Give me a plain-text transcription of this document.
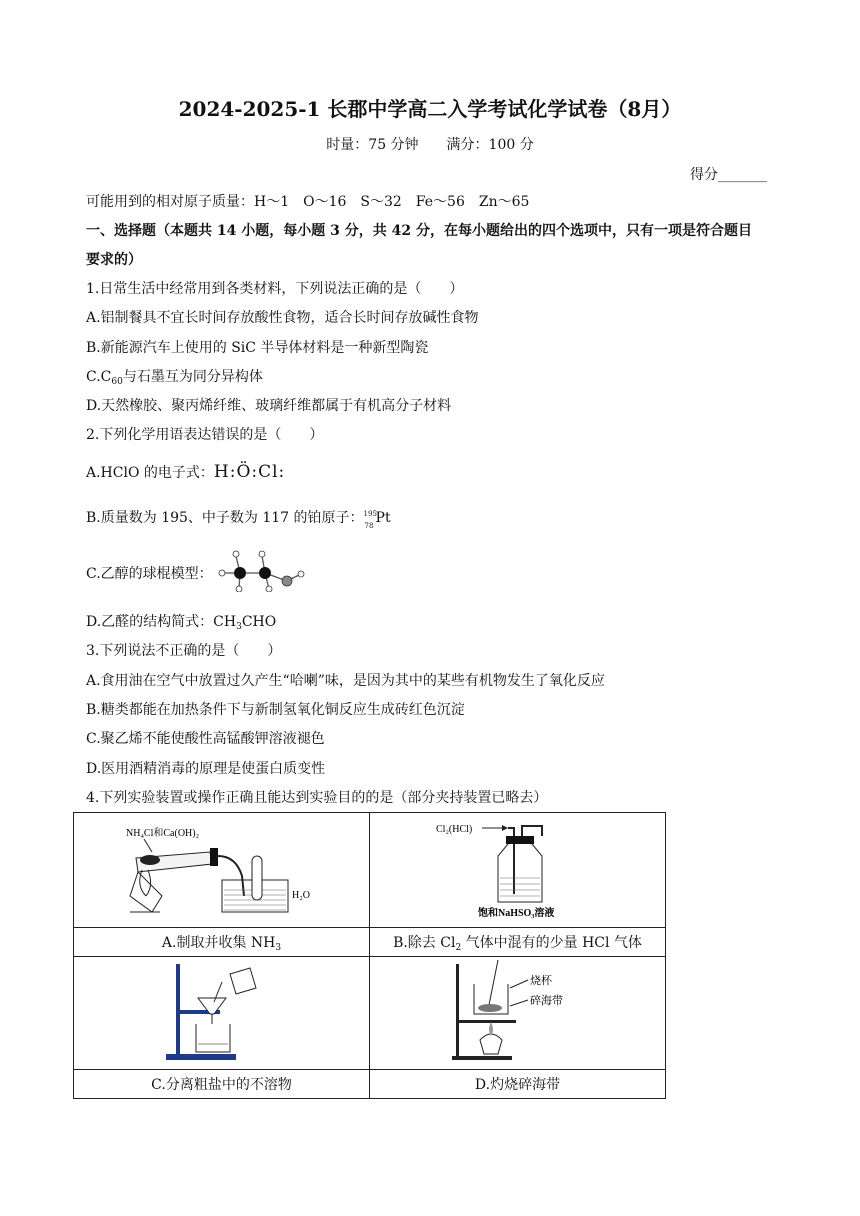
2024-2025-1 长郡中学高二入学考试化学试卷（8月）
时量：75 分钟　　满分：100 分
得分_______
可能用到的相对原子质量：H～1　O～16　S～32　Fe～56　Zn～65
一、选择题（本题共 14 小题，每小题 3 分，共 42 分，在每小题给出的四个选项中，只有一项是符合题目
要求的）
1.日常生活中经常用到各类材料，下列说法正确的是（　　）
A.铝制餐具不宜长时间存放酸性食物，适合长时间存放碱性食物
B.新能源汽车上使用的 SiC 半导体材料是一种新型陶瓷
$C.C_{60}$与石墨互为同分异构体
D.天然橡胶、聚丙烯纤维、玻璃纤维都属于有机高分子材料
2.下列化学用语表达错误的是（　　）
A.HClO 的电子式：H:Ö:Cl:
B.质量数为 195、中子数为 117 的铂原子： 195
78 Pt
C.乙醇的球棍模型：
D.乙醛的结构简式：$CH_3CHO$
3.下列说法不正确的是（　　）
A.食用油在空气中放置过久产生“哈喇”味，是因为其中的某些有机物发生了氧化反应
B.糖类都能在加热条件下与新制氢氧化铜反应生成砖红色沉淀
C.聚乙烯不能使酸性高锰酸钾溶液褪色
D.医用酒精消毒的原理是使蛋白质变性
4.下列实验装置或操作正确且能达到实验目的的是（部分夹持装置已略去）
NH₄Cl和Ca(OH)₂
H₂O	Cl₂(HCl)
饱和NaHSO₃溶液

A.制取并收集 $NH_3$	B.除去 $Cl_2$ 气体中混有的少量 HCl 气体

烧杯
碎海带

C.分离粗盐中的不溶物	D.灼烧碎海带
